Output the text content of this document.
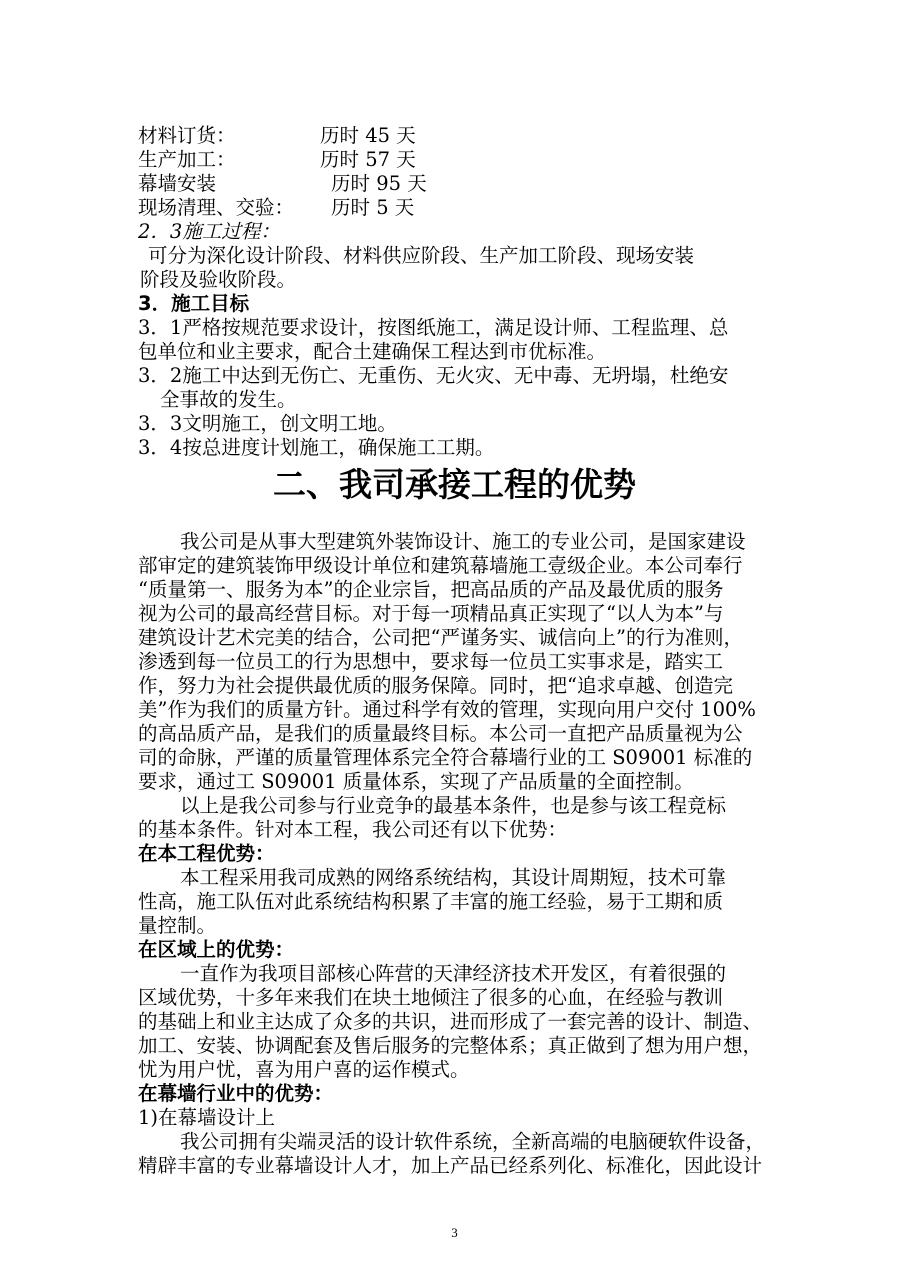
材料订货：	历时 45 天
生产加工：	历时 57 天
幕墙安装	历时 95 天
现场清理、交验： 历时 5 天
2．3施工过程：
可分为深化设计阶段、材料供应阶段、生产加工阶段、现场安装
阶段及验收阶段。
3．施工目标
3．1严格按规范要求设计，按图纸施工，满足设计师、工程监理、总
包单位和业主要求，配合土建确保工程达到市优标准。
3．2施工中达到无伤亡、无重伤、无火灾、无中毒、无坍塌，杜绝安
全事故的发生。
3．3文明施工，创文明工地。
3．4按总进度计划施工，确保施工工期。
二、我司承接工程的优势
我公司是从事大型建筑外装饰设计、施工的专业公司，是国家建设
部审定的建筑装饰甲级设计单位和建筑幕墙施工壹级企业。本公司奉行
“质量第一、服务为本”的企业宗旨，把高品质的产品及最优质的服务
视为公司的最高经营目标。对于每一项精品真正实现了“以人为本”与
建筑设计艺术完美的结合，公司把“严谨务实、诚信向上”的行为准则，
渗透到每一位员工的行为思想中，要求每一位员工实事求是，踏实工
作，努力为社会提供最优质的服务保障。同时，把“追求卓越、创造完
美”作为我们的质量方针。通过科学有效的管理，实现向用户交付 100%
的高品质产品，是我们的质量最终目标。本公司一直把产品质量视为公
司的命脉，严谨的质量管理体系完全符合幕墙行业的工 S09001 标准的
要求，通过工 S09001 质量体系，实现了产品质量的全面控制。
以上是我公司参与行业竞争的最基本条件，也是参与该工程竞标
的基本条件。针对本工程，我公司还有以下优势：
在本工程优势：
本工程采用我司成熟的网络系统结构，其设计周期短，技术可靠
性高，施工队伍对此系统结构积累了丰富的施工经验，易于工期和质
量控制。
在区域上的优势：
一直作为我项目部核心阵营的天津经济技术开发区，有着很强的
区域优势，十多年来我们在块土地倾注了很多的心血，在经验与教训
的基础上和业主达成了众多的共识，进而形成了一套完善的设计、制造、
加工、安装、协调配套及售后服务的完整体系；真正做到了想为用户想，
忧为用户忧，喜为用户喜的运作模式。
在幕墙行业中的优势：
1)在幕墙设计上
我公司拥有尖端灵活的设计软件系统，全新高端的电脑硬软件设备，
精辟丰富的专业幕墙设计人才，加上产品已经系列化、标准化，因此设计
3
